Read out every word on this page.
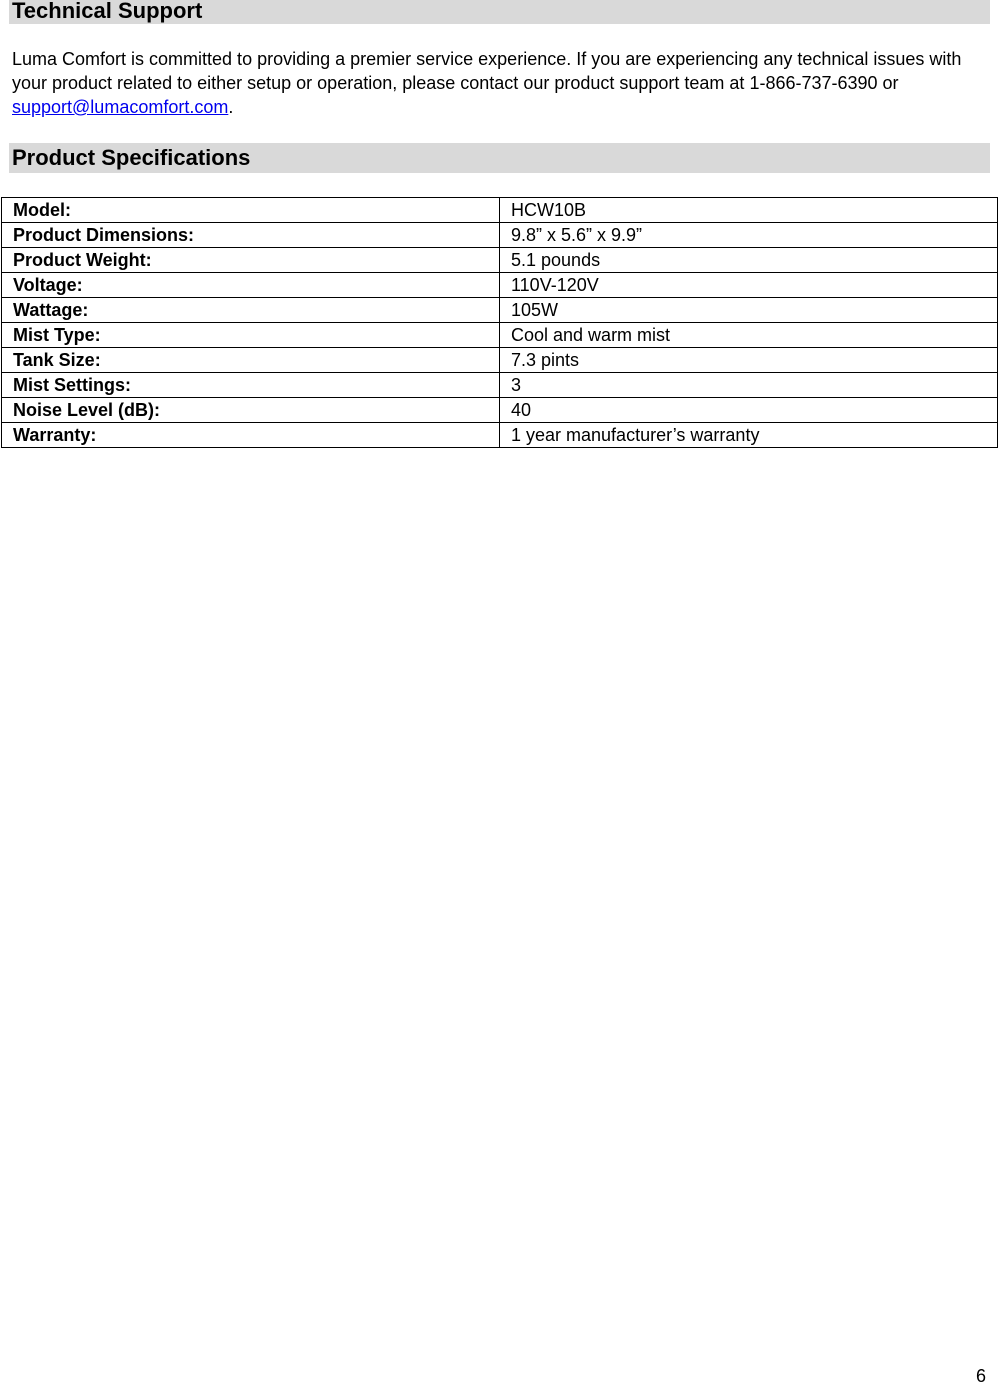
Technical Support
Luma Comfort is committed to providing a premier service experience. If you are experiencing any technical issues with your product related to either setup or operation, please contact our product support team at 1-866-737-6390 or support@lumacomfort.com.
Product Specifications
Model:	HCW10B
Product Dimensions:	9.8” x 5.6” x 9.9”
Product Weight:	5.1 pounds
Voltage:	110V-120V
Wattage:	105W
Mist Type:	Cool and warm mist
Tank Size:	7.3 pints
Mist Settings:	3
Noise Level (dB):	40
Warranty:	1 year manufacturer’s warranty
6
